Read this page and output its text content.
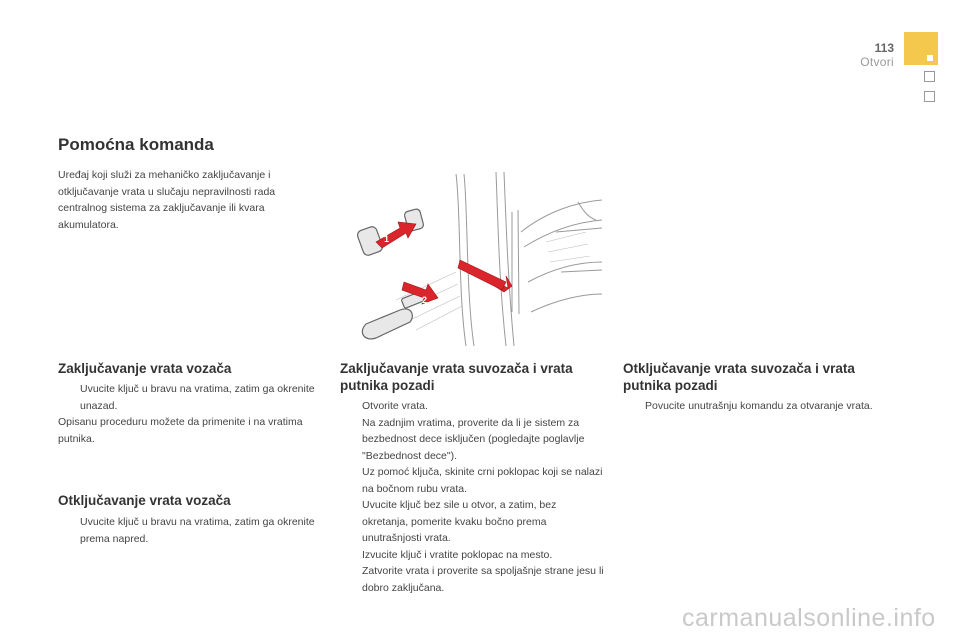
113
Otvori
Pomoćna komanda
Uređaj koji služi za mehaničko zaključavanje i otključavanje vrata u slučaju nepravilnosti rada centralnog sistema za zaključavanje ili kvara akumulatora.
1
2
Zaključavanje vrata vozača
Uvucite ključ u bravu na vratima, zatim ga okrenite unazad.
Opisanu proceduru možete da primenite i na vratima putnika.
Otključavanje vrata vozača
Uvucite ključ u bravu na vratima, zatim ga okrenite prema napred.
Zaključavanje vrata suvozača i vrata putnika pozadi
Otvorite vrata.
Na zadnjim vratima, proverite da li je sistem za bezbednost dece isključen (pogledajte poglavlje "Bezbednost dece").
Uz pomoć ključa, skinite crni poklopac koji se nalazi na bočnom rubu vrata.
Uvucite ključ bez sile u otvor, a zatim, bez okretanja, pomerite kvaku bočno prema unutrašnjosti vrata.
Izvucite ključ i vratite poklopac na mesto.
Zatvorite vrata i proverite sa spoljašnje strane jesu li dobro zaključana.
Otključavanje vrata suvozača i vrata putnika pozadi
Povucite unutrašnju komandu za otvaranje vrata.
carmanualsonline.info
